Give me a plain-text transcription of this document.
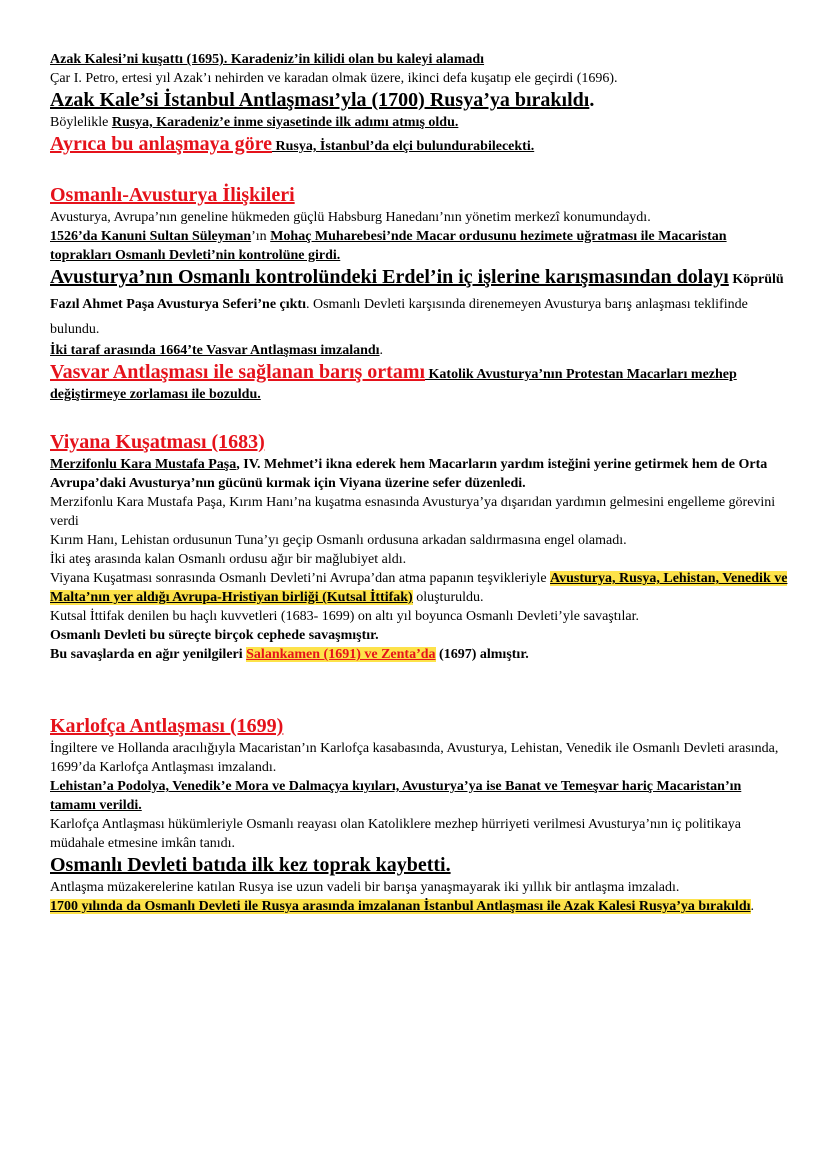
Azak Kalesi’ni kuşattı (1695). Karadeniz’in kilidi olan bu kaleyi alamadı

Çar I. Petro, ertesi yıl Azak’ı nehirden ve karadan olmak üzere, ikinci defa kuşatıp ele geçirdi (1696).

Azak Kale’si İstanbul Antlaşması’yla (1700) Rusya’ya bırakıldı.

Böylelikle Rusya, Karadeniz’e inme siyasetinde ilk adımı atmış oldu.

Ayrıca bu anlaşmaya göre Rusya, İstanbul’da elçi bulundurabilecekti.

Osmanlı-Avusturya İlişkileri

Avusturya, Avrupa’nın geneline hükmeden güçlü Habsburg Hanedanı’nın yönetim merkezî konumundaydı.

1526’da Kanuni Sultan Süleyman’ın Mohaç Muharebesi’nde Macar ordusunu hezimete uğratması ile Macaristan toprakları Osmanlı Devleti’nin kontrolüne girdi.

Avusturya’nın Osmanlı kontrolündeki Erdel’in iç işlerine karışmasından dolayı Köprülü Fazıl Ahmet Paşa Avusturya Seferi’ne çıktı. Osmanlı Devleti karşısında direnemeyen Avusturya barış anlaşması teklifinde bulundu.

İki taraf arasında 1664’te Vasvar Antlaşması imzalandı.

Vasvar Antlaşması ile sağlanan barış ortamı Katolik Avusturya’nın Protestan Macarları mezhep değiştirmeye zorlaması ile bozuldu.

Viyana Kuşatması (1683)

Merzifonlu Kara Mustafa Paşa, IV. Mehmet’i ikna ederek hem Macarların yardım isteğini yerine getirmek hem de Orta Avrupa’daki Avusturya’nın gücünü kırmak için Viyana üzerine sefer düzenledi.

Merzifonlu Kara Mustafa Paşa, Kırım Hanı’na kuşatma esnasında Avusturya’ya dışarıdan yardımın gelmesini engelleme görevini verdi

Kırım Hanı, Lehistan ordusunun Tuna’yı geçip Osmanlı ordusuna arkadan saldırmasına engel olamadı.

İki ateş arasında kalan Osmanlı ordusu ağır bir mağlubiyet aldı.

Viyana Kuşatması sonrasında Osmanlı Devleti’ni Avrupa’dan atma papanın teşvikleriyle Avusturya, Rusya, Lehistan, Venedik ve Malta’nın yer aldığı Avrupa-Hristiyan birliği (Kutsal İttifak) oluşturuldu.

Kutsal İttifak denilen bu haçlı kuvvetleri (1683- 1699) on altı yıl boyunca Osmanlı Devleti’yle savaştılar.

Osmanlı Devleti bu süreçte birçok cephede savaşmıştır.

Bu savaşlarda en ağır yenilgileri Salankamen (1691) ve Zenta’da (1697) almıştır.

Karlofça Antlaşması (1699)

İngiltere ve Hollanda aracılığıyla Macaristan’ın Karlofça kasabasında, Avusturya, Lehistan, Venedik ile Osmanlı Devleti arasında, 1699’da Karlofça Antlaşması imzalandı.

Lehistan’a Podolya, Venedik’e Mora ve Dalmaçya kıyıları, Avusturya’ya ise Banat ve Temeşvar hariç Macaristan’ın tamamı verildi.

Karlofça Antlaşması hükümleriyle Osmanlı reayası olan Katoliklere mezhep hürriyeti verilmesi Avusturya’nın iç politikaya müdahale etmesine imkân tanıdı.

Osmanlı Devleti batıda ilk kez toprak kaybetti.

Antlaşma müzakerelerine katılan Rusya ise uzun vadeli bir barışa yanaşmayarak iki yıllık bir antlaşma imzaladı.

1700 yılında da Osmanlı Devleti ile Rusya arasında imzalanan İstanbul Antlaşması ile Azak Kalesi Rusya’ya bırakıldı.
